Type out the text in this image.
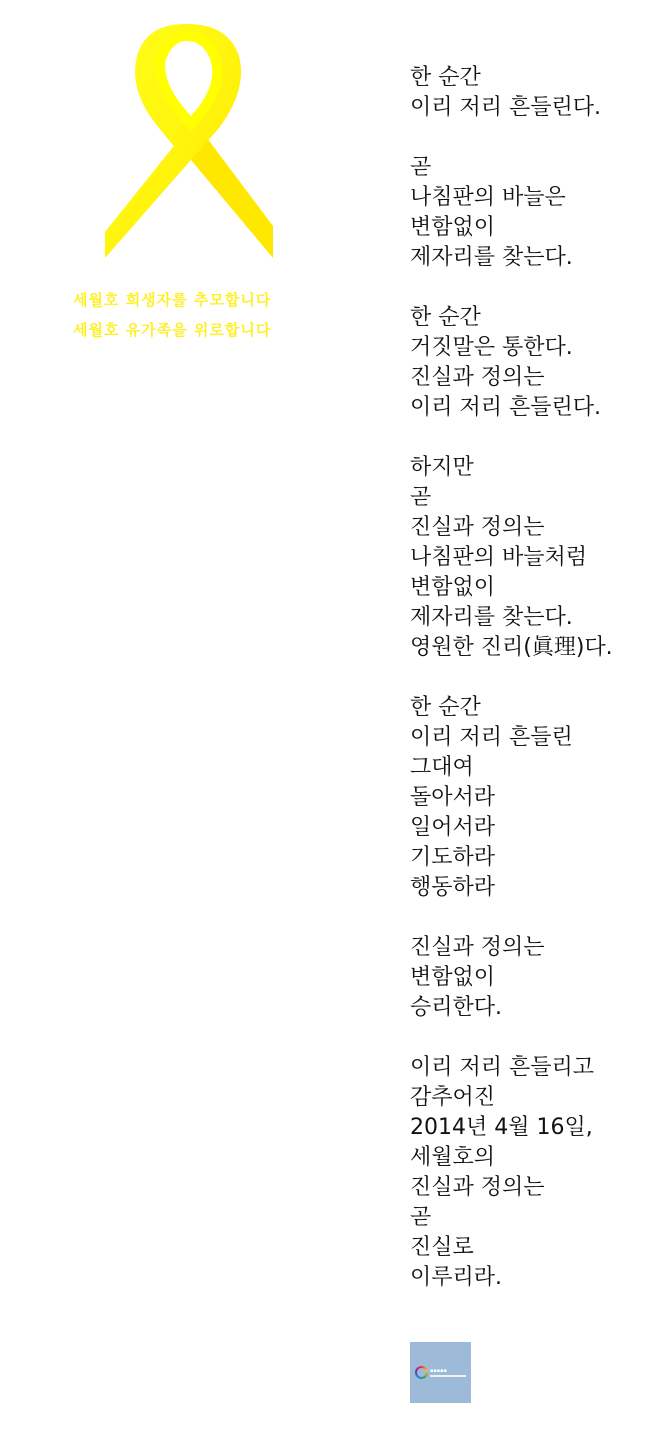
세월호 희생자를 추모합니다
세월호 유가족을 위로합니다
한 순간
이리 저리 흔들린다.
곧
나침판의 바늘은
변함없이
제자리를 찾는다.
한 순간
거짓말은 통한다.
진실과 정의는
이리 저리 흔들린다.
하지만
곧
진실과 정의는
나침판의 바늘처럼
변함없이
제자리를 찾는다.
영원한 진리(眞理)다.
한 순간
이리 저리 흔들린
그대여
돌아서라
일어서라
기도하라
행동하라
진실과 정의는
변함없이
승리한다.
이리 저리 흔들리고
감추어진
2014년 4월 16일,
세월호의
진실과 정의는
곧
진실로
이루리라.
▪▪▪▪▪
